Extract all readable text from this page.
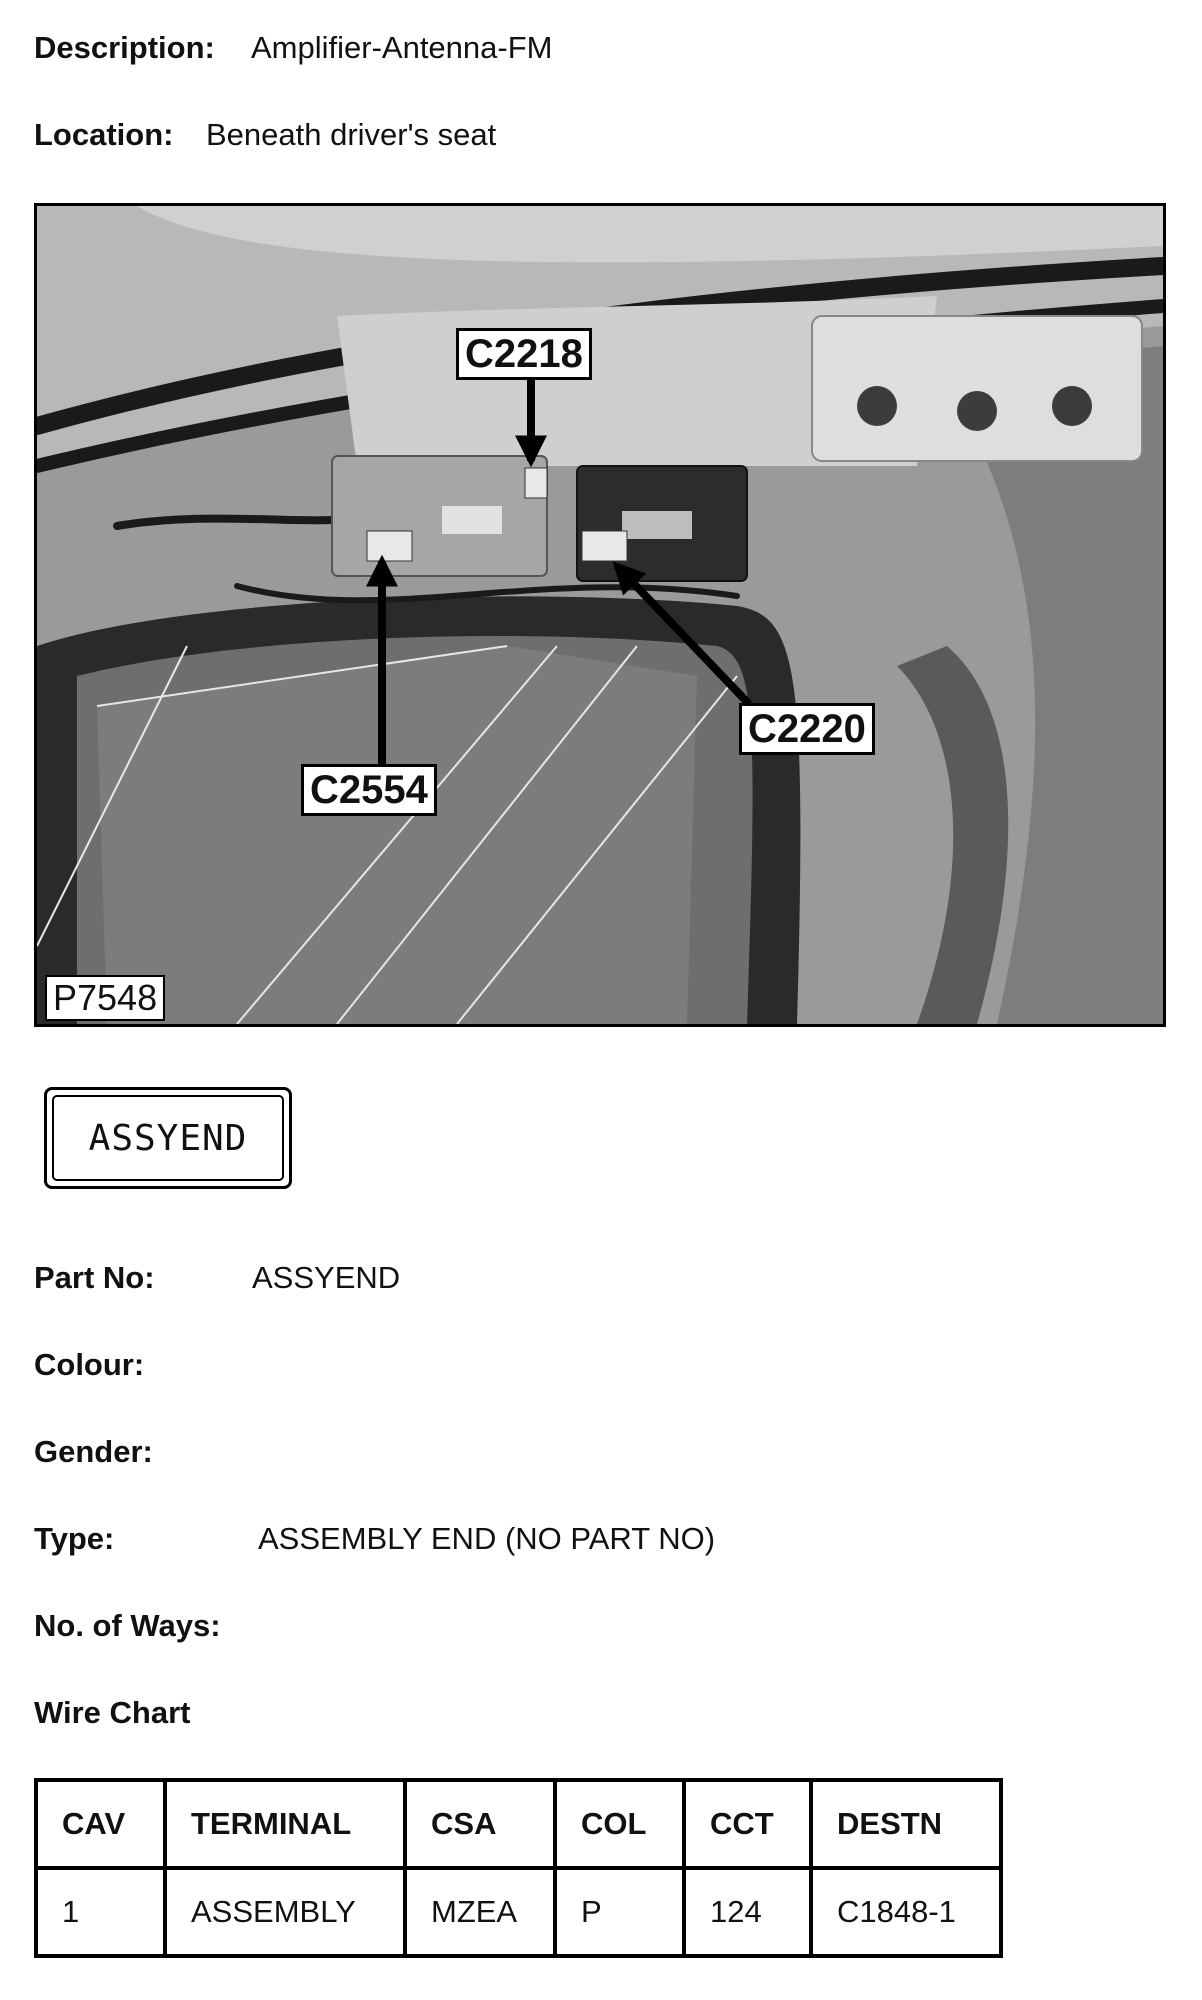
Description: Amplifier-Antenna-FM
Location: Beneath driver's seat
C2218
C2220
C2554
P7548
ASSYEND
Part No:	ASSYEND
Colour:
Gender:
Type:	ASSEMBLY END (NO PART NO)
No. of Ways:
Wire Chart
CAV	TERMINAL	CSA	COL	CCT	DESTN
1	ASSEMBLY	MZEA	P	124	C1848-1
